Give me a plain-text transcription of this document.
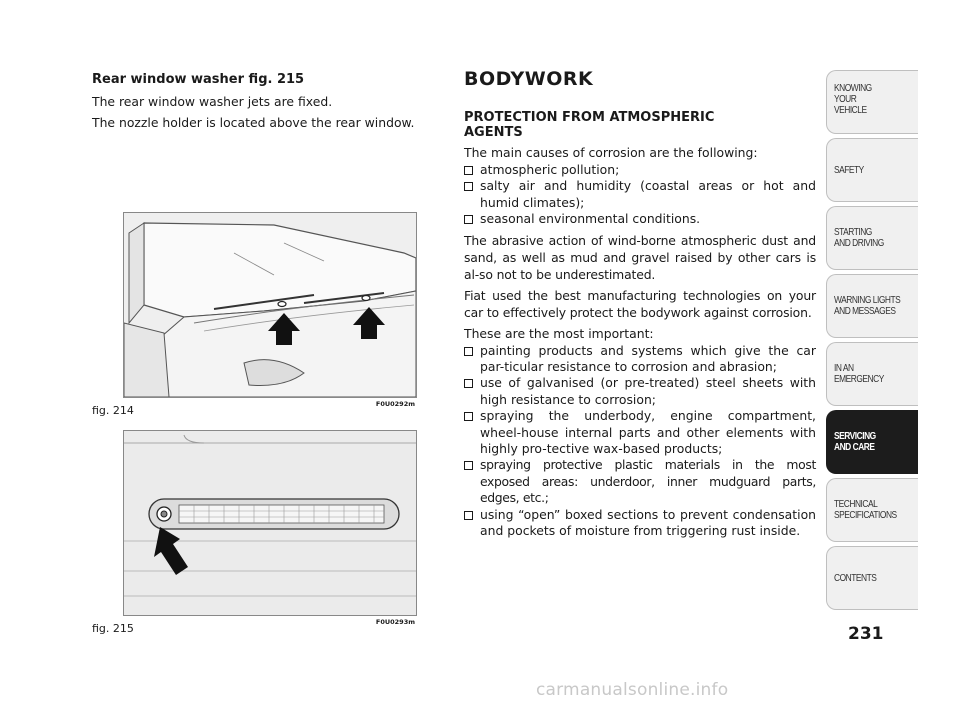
Rear window washer fig. 215

The rear window washer jets are fixed.

The nozzle holder is located above the rear window.

fig. 214	F0U0292m
fig. 215	F0U0293m

BODYWORK

PROTECTION FROM ATMOSPHERIC
AGENTS

The main causes of corrosion are the following:

atmospheric pollution;
salty air and humidity (coastal areas or hot and humid climates);
seasonal environmental conditions.

The abrasive action of wind-borne atmospheric dust and sand, as well as mud and gravel raised by other cars is al-so not to be underestimated.

Fiat used the best manufacturing technologies on your car to effectively protect the bodywork against corrosion.

These are the most important:

painting products and systems which give the car par-ticular resistance to corrosion and abrasion;
use of galvanised (or pre-treated) steel sheets with high resistance to corrosion;
spraying the underbody, engine compartment, wheel-house internal parts and other elements with highly pro-tective wax-based products;
spraying protective plastic materials in the most exposed areas: underdoor, inner mudguard parts, edges, etc.;
using “open” boxed sections to prevent condensation and pockets of moisture from triggering rust inside.
KNOWING
YOUR
VEHICLE
SAFETY
STARTING
AND DRIVING
WARNING LIGHTS
AND MESSAGES
IN AN
EMERGENCY
SERVICING
AND CARE
TECHNICAL
SPECIFICATIONS
CONTENTS
231
carmanualsonline.info
